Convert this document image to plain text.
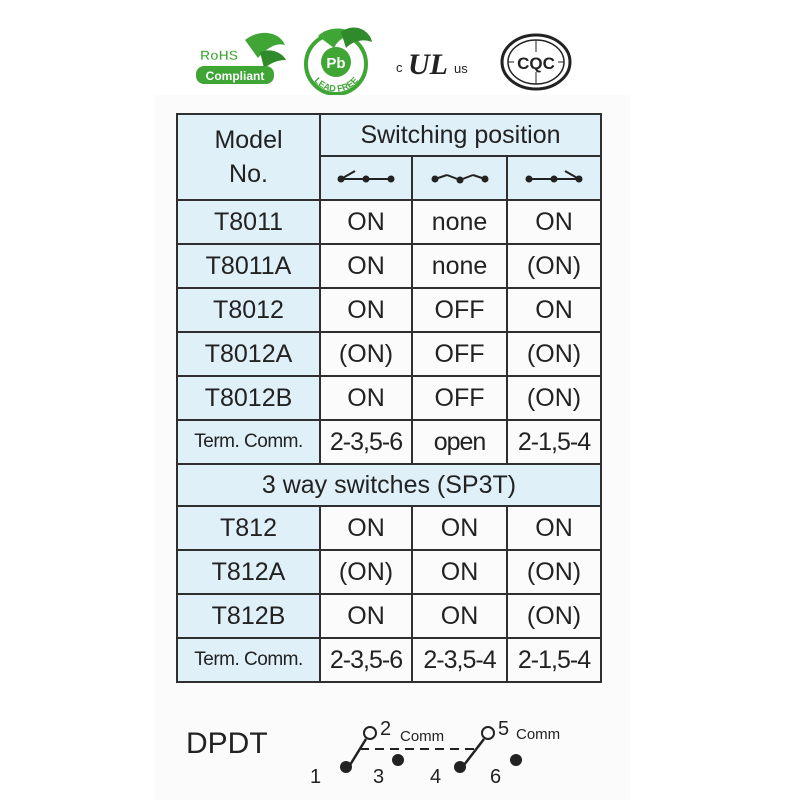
RoHS
Compliant
Pb
LEAD FREE
c UL us	CQC
Model
No.	Switching position		

T8011	ON	none	ON
T8011A	ON	none	(ON)
T8012	ON	OFF	ON
T8012A	(ON)	OFF	(ON)
T8012B	ON	OFF	(ON)
Term. Comm.	2-3,5-6	open	2-1,5-4
3 way switches (SP3T)			
T812	ON	ON	ON
T812A	(ON)	ON	(ON)
T812B	ON	ON	(ON)
Term. Comm.	2-3,5-6	2-3,5-4	2-1,5-4
DPDT	2 Comm	5 Comm
1	3 4 6
